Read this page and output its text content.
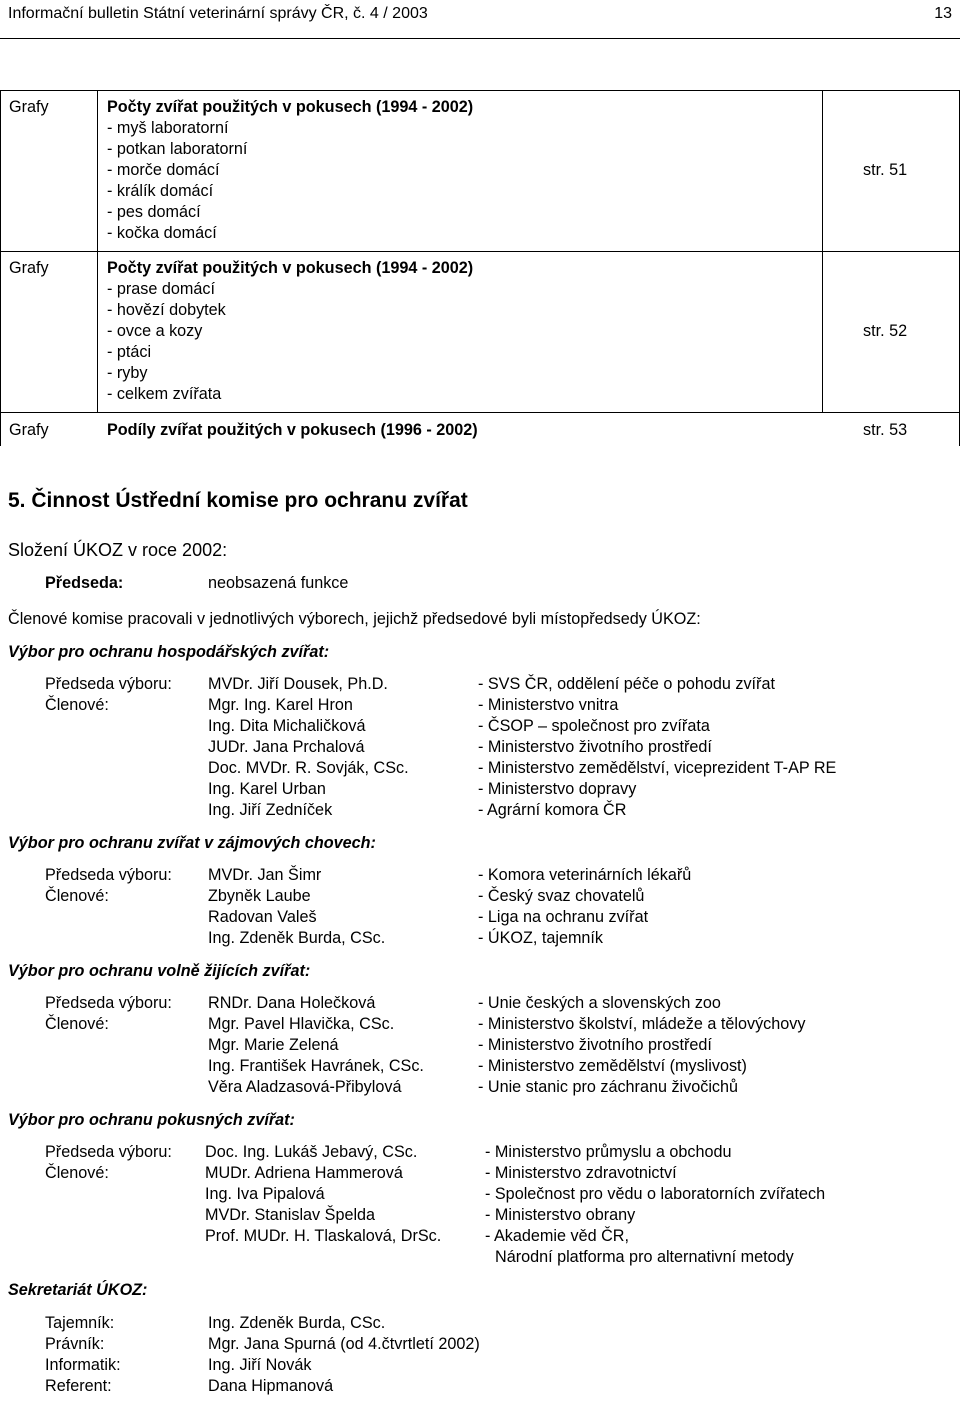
Informační bulletin Státní veterinární správy ČR, č. 4 / 2003	13
Grafy	Počty zvířat použitých v pokusech (1994 - 2002)
- myš laboratorní
- potkan laboratorní
- morče domácí
- králík domácí
- pes domácí
- kočka domácí
str. 51
Grafy	Počty zvířat použitých v pokusech (1994 - 2002)
- prase domácí
- hovězí dobytek
- ovce a kozy
- ptáci
- ryby
- celkem zvířata
str. 52
Grafy	Podíly zvířat použitých v pokusech (1996 - 2002)	str. 53
5. Činnost Ústřední komise pro ochranu zvířat
Složení ÚKOZ v roce 2002:
Předseda:	neobsazená funkce
Členové komise pracovali v jednotlivých výborech, jejichž předsedové byli místopředsedy ÚKOZ:
Výbor pro ochranu hospodářských zvířat:
Předseda výboru: MVDr. Jiří Dousek, Ph.D.	- SVS ČR, oddělení péče o pohodu zvířat
Členové:	Mgr. Ing. Karel Hron	- Ministerstvo vnitra
Ing. Dita Michaličková	- ČSOP – společnost pro zvířata
JUDr. Jana Prchalová	- Ministerstvo životního prostředí
Doc. MVDr. R. Sovják, CSc.	- Ministerstvo zemědělství, viceprezident T-AP RE
Ing. Karel Urban	- Ministerstvo dopravy
Ing. Jiří Zedníček	- Agrární komora ČR
Výbor pro ochranu zvířat v zájmových chovech:
Předseda výboru: MVDr. Jan Šimr	- Komora veterinárních lékařů
Členové:	Zbyněk Laube	- Český svaz chovatelů
Radovan Valeš	- Liga na ochranu zvířat
Ing. Zdeněk Burda, CSc.	- ÚKOZ, tajemník
Výbor pro ochranu volně žijících zvířat:
Předseda výboru: RNDr. Dana Holečková	- Unie českých a slovenských zoo
Členové:	Mgr. Pavel Hlavička, CSc.	- Ministerstvo školství, mládeže a tělovýchovy
Mgr. Marie Zelená	- Ministerstvo životního prostředí
Ing. František Havránek, CSc.	- Ministerstvo zemědělství (myslivost)
Věra Aladzasová-Přibylová	- Unie stanic pro záchranu živočichů
Výbor pro ochranu pokusných zvířat:
Předseda výboru: Doc. Ing. Lukáš Jebavý, CSc.	- Ministerstvo průmyslu a obchodu
Členové:	MUDr. Adriena Hammerová	- Ministerstvo zdravotnictví
Ing. Iva Pipalová	- Společnost pro vědu o laboratorních zvířatech
MVDr. Stanislav Špelda	- Ministerstvo obrany
Prof. MUDr. H. Tlaskalová, DrSc.	- Akademie věd ČR,
Národní platforma pro alternativní metody
Sekretariát ÚKOZ:
Tajemník:	Ing. Zdeněk Burda, CSc.
Právník:	Mgr. Jana Spurná (od 4.čtvrtletí 2002)
Informatik:	Ing. Jiří Novák
Referent:	Dana Hipmanová
